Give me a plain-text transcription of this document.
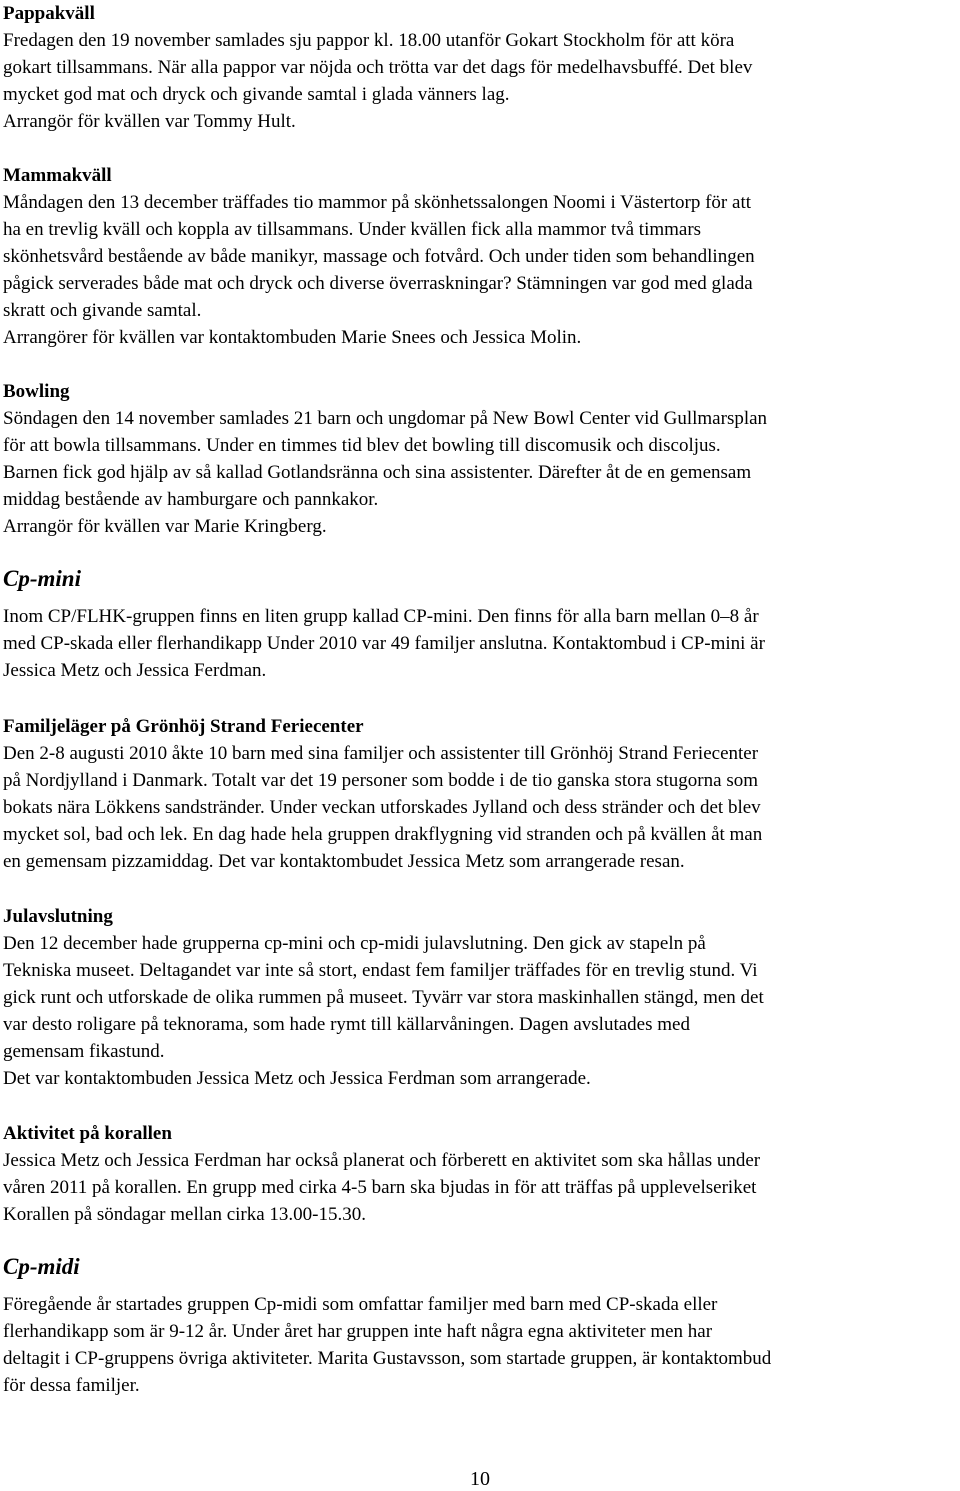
Pappakväll

Fredagen den 19 november samlades sju pappor kl. 18.00 utanför Gokart Stockholm för att köra
gokart tillsammans. När alla pappor var nöjda och trötta var det dags för medelhavsbuffé. Det blev
mycket god mat och dryck och givande samtal i glada vänners lag.
Arrangör för kvällen var Tommy Hult.

Mammakväll

Måndagen den 13 december träffades tio mammor på skönhetssalongen Noomi i Västertorp för att
ha en trevlig kväll och koppla av tillsammans. Under kvällen fick alla mammor två timmars
skönhetsvård bestående av både manikyr, massage och fotvård. Och under tiden som behandlingen
pågick serverades både mat och dryck och diverse överraskningar? Stämningen var god med glada
skratt och givande samtal.
Arrangörer för kvällen var kontaktombuden Marie Snees och Jessica Molin.

Bowling

Söndagen den 14 november samlades 21 barn och ungdomar på New Bowl Center vid Gullmarsplan
för att bowla tillsammans. Under en timmes tid blev det bowling till discomusik och discoljus.
Barnen fick god hjälp av så kallad Gotlandsränna och sina assistenter. Därefter åt de en gemensam
middag bestående av hamburgare och pannkakor.
Arrangör för kvällen var Marie Kringberg.

Cp-mini

Inom CP/FLHK-gruppen finns en liten grupp kallad CP-mini. Den finns för alla barn mellan 0–8 år
med CP-skada eller flerhandikapp Under 2010 var 49 familjer anslutna. Kontaktombud i CP-mini är
Jessica Metz och Jessica Ferdman.

Familjeläger på Grönhöj Strand Feriecenter

Den 2-8 augusti 2010 åkte 10 barn med sina familjer och assistenter till Grönhöj Strand Feriecenter
på Nordjylland i Danmark. Totalt var det 19 personer som bodde i de tio ganska stora stugorna som
bokats nära Lökkens sandstränder. Under veckan utforskades Jylland och dess stränder och det blev
mycket sol, bad och lek. En dag hade hela gruppen drakflygning vid stranden och på kvällen åt man
en gemensam pizzamiddag. Det var kontaktombudet Jessica Metz som arrangerade resan.

Julavslutning

Den 12 december hade grupperna cp-mini och cp-midi julavslutning. Den gick av stapeln på
Tekniska museet. Deltagandet var inte så stort, endast fem familjer träffades för en trevlig stund. Vi
gick runt och utforskade de olika rummen på museet. Tyvärr var stora maskinhallen stängd, men det
var desto roligare på teknorama, som hade rymt till källarvåningen. Dagen avslutades med
gemensam fikastund.
Det var kontaktombuden Jessica Metz och Jessica Ferdman som arrangerade.

Aktivitet på korallen

Jessica Metz och Jessica Ferdman har också planerat och förberett en aktivitet som ska hållas under
våren 2011 på korallen. En grupp med cirka 4-5 barn ska bjudas in för att träffas på upplevelseriket
Korallen på söndagar mellan cirka 13.00-15.30.

Cp-midi

Föregående år startades gruppen Cp-midi som omfattar familjer med barn med CP-skada eller
flerhandikapp som är 9-12 år. Under året har gruppen inte haft några egna aktiviteter men har
deltagit i CP-gruppens övriga aktiviteter. Marita Gustavsson, som startade gruppen, är kontaktombud
för dessa familjer.

10
